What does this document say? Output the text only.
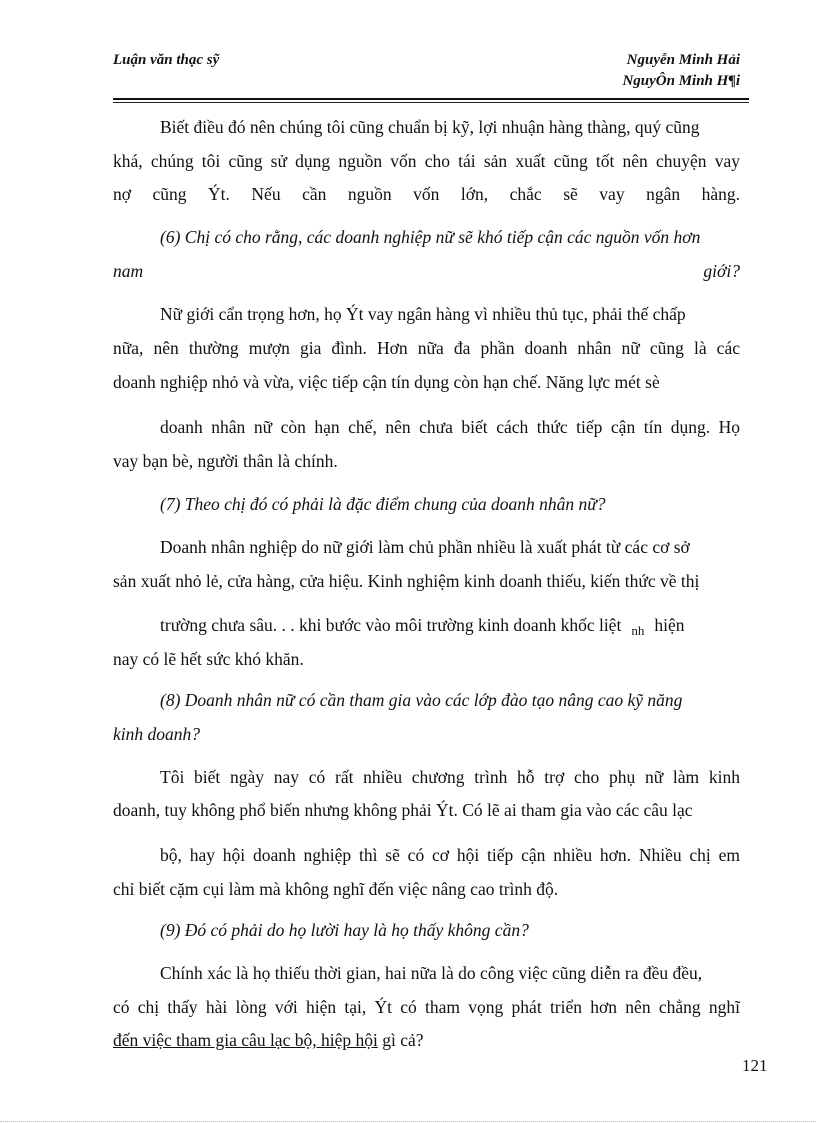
Luận văn thạc sỹ	Nguyễn Minh Hải
NguyÔn Minh H¶i
Biết điều đó nên chúng tôi cũng chuẩn bị kỹ, lợi nhuận hàng thàng, quý cũng
khá, chúng tôi cũng sử dụng nguồn vốn cho tái sản xuất cũng tốt nên chuyện vay
nợ cũng Ýt. Nếu cần nguồn vốn lớn, chắc sẽ vay ngân hàng.
(6) Chị có cho rằng, các doanh nghiệp nữ sẽ khó tiếp cận các nguồn vốn hơn
nam	giới?
Nữ giới cẩn trọng hơn, họ Ýt vay ngân hàng vì nhiều thủ tục, phải thế chấp
nữa, nên thường mượn gia đình. Hơn nữa đa phần doanh nhân nữ cũng là các
doanh nghiệp nhỏ và vừa, việc tiếp cận tín dụng còn hạn chế. Năng lực mét sè
doanh nhân nữ còn hạn chế, nên chưa biết cách thức tiếp cận tín dụng. Họ
vay bạn bè, người thân là chính.
(7) Theo chị đó có phải là đặc điểm chung của doanh nhân nữ?
Doanh nhân nghiệp do nữ giới làm chủ phần nhiều là xuất phát từ các cơ sở
sản xuất nhỏ lẻ, cửa hàng, cửa hiệu. Kinh nghiệm kinh doanh thiếu, kiến thức về thị
trường chưa sâu. . . khi bước vào môi trường kinh doanh khốc liệt $_{nh}$ hiện
nay có lẽ hết sức khó khăn.
(8) Doanh nhân nữ có cần tham gia vào các lớp đào tạo nâng cao kỹ năng
kinh doanh?
Tôi biết ngày nay có rất nhiều chương trình hỗ trợ cho phụ nữ làm kinh
doanh, tuy không phổ biến nhưng không phải Ýt. Có lẽ ai tham gia vào các câu lạc
bộ, hay hội doanh nghiệp thì sẽ có cơ hội tiếp cận nhiều hơn. Nhiều chị em
chỉ biết cặm cụi làm mà không nghĩ đến việc nâng cao trình độ.
(9) Đó có phải do họ lười hay là họ thấy không cần?
Chính xác là họ thiếu thời gian, hai nữa là do công việc cũng diễn ra đều đều,
có chị thấy hài lòng với hiện tại, Ýt có tham vọng phát triển hơn nên chẳng nghĩ
đến việc tham gia câu lạc bộ, hiệp hội gì cả?
121
